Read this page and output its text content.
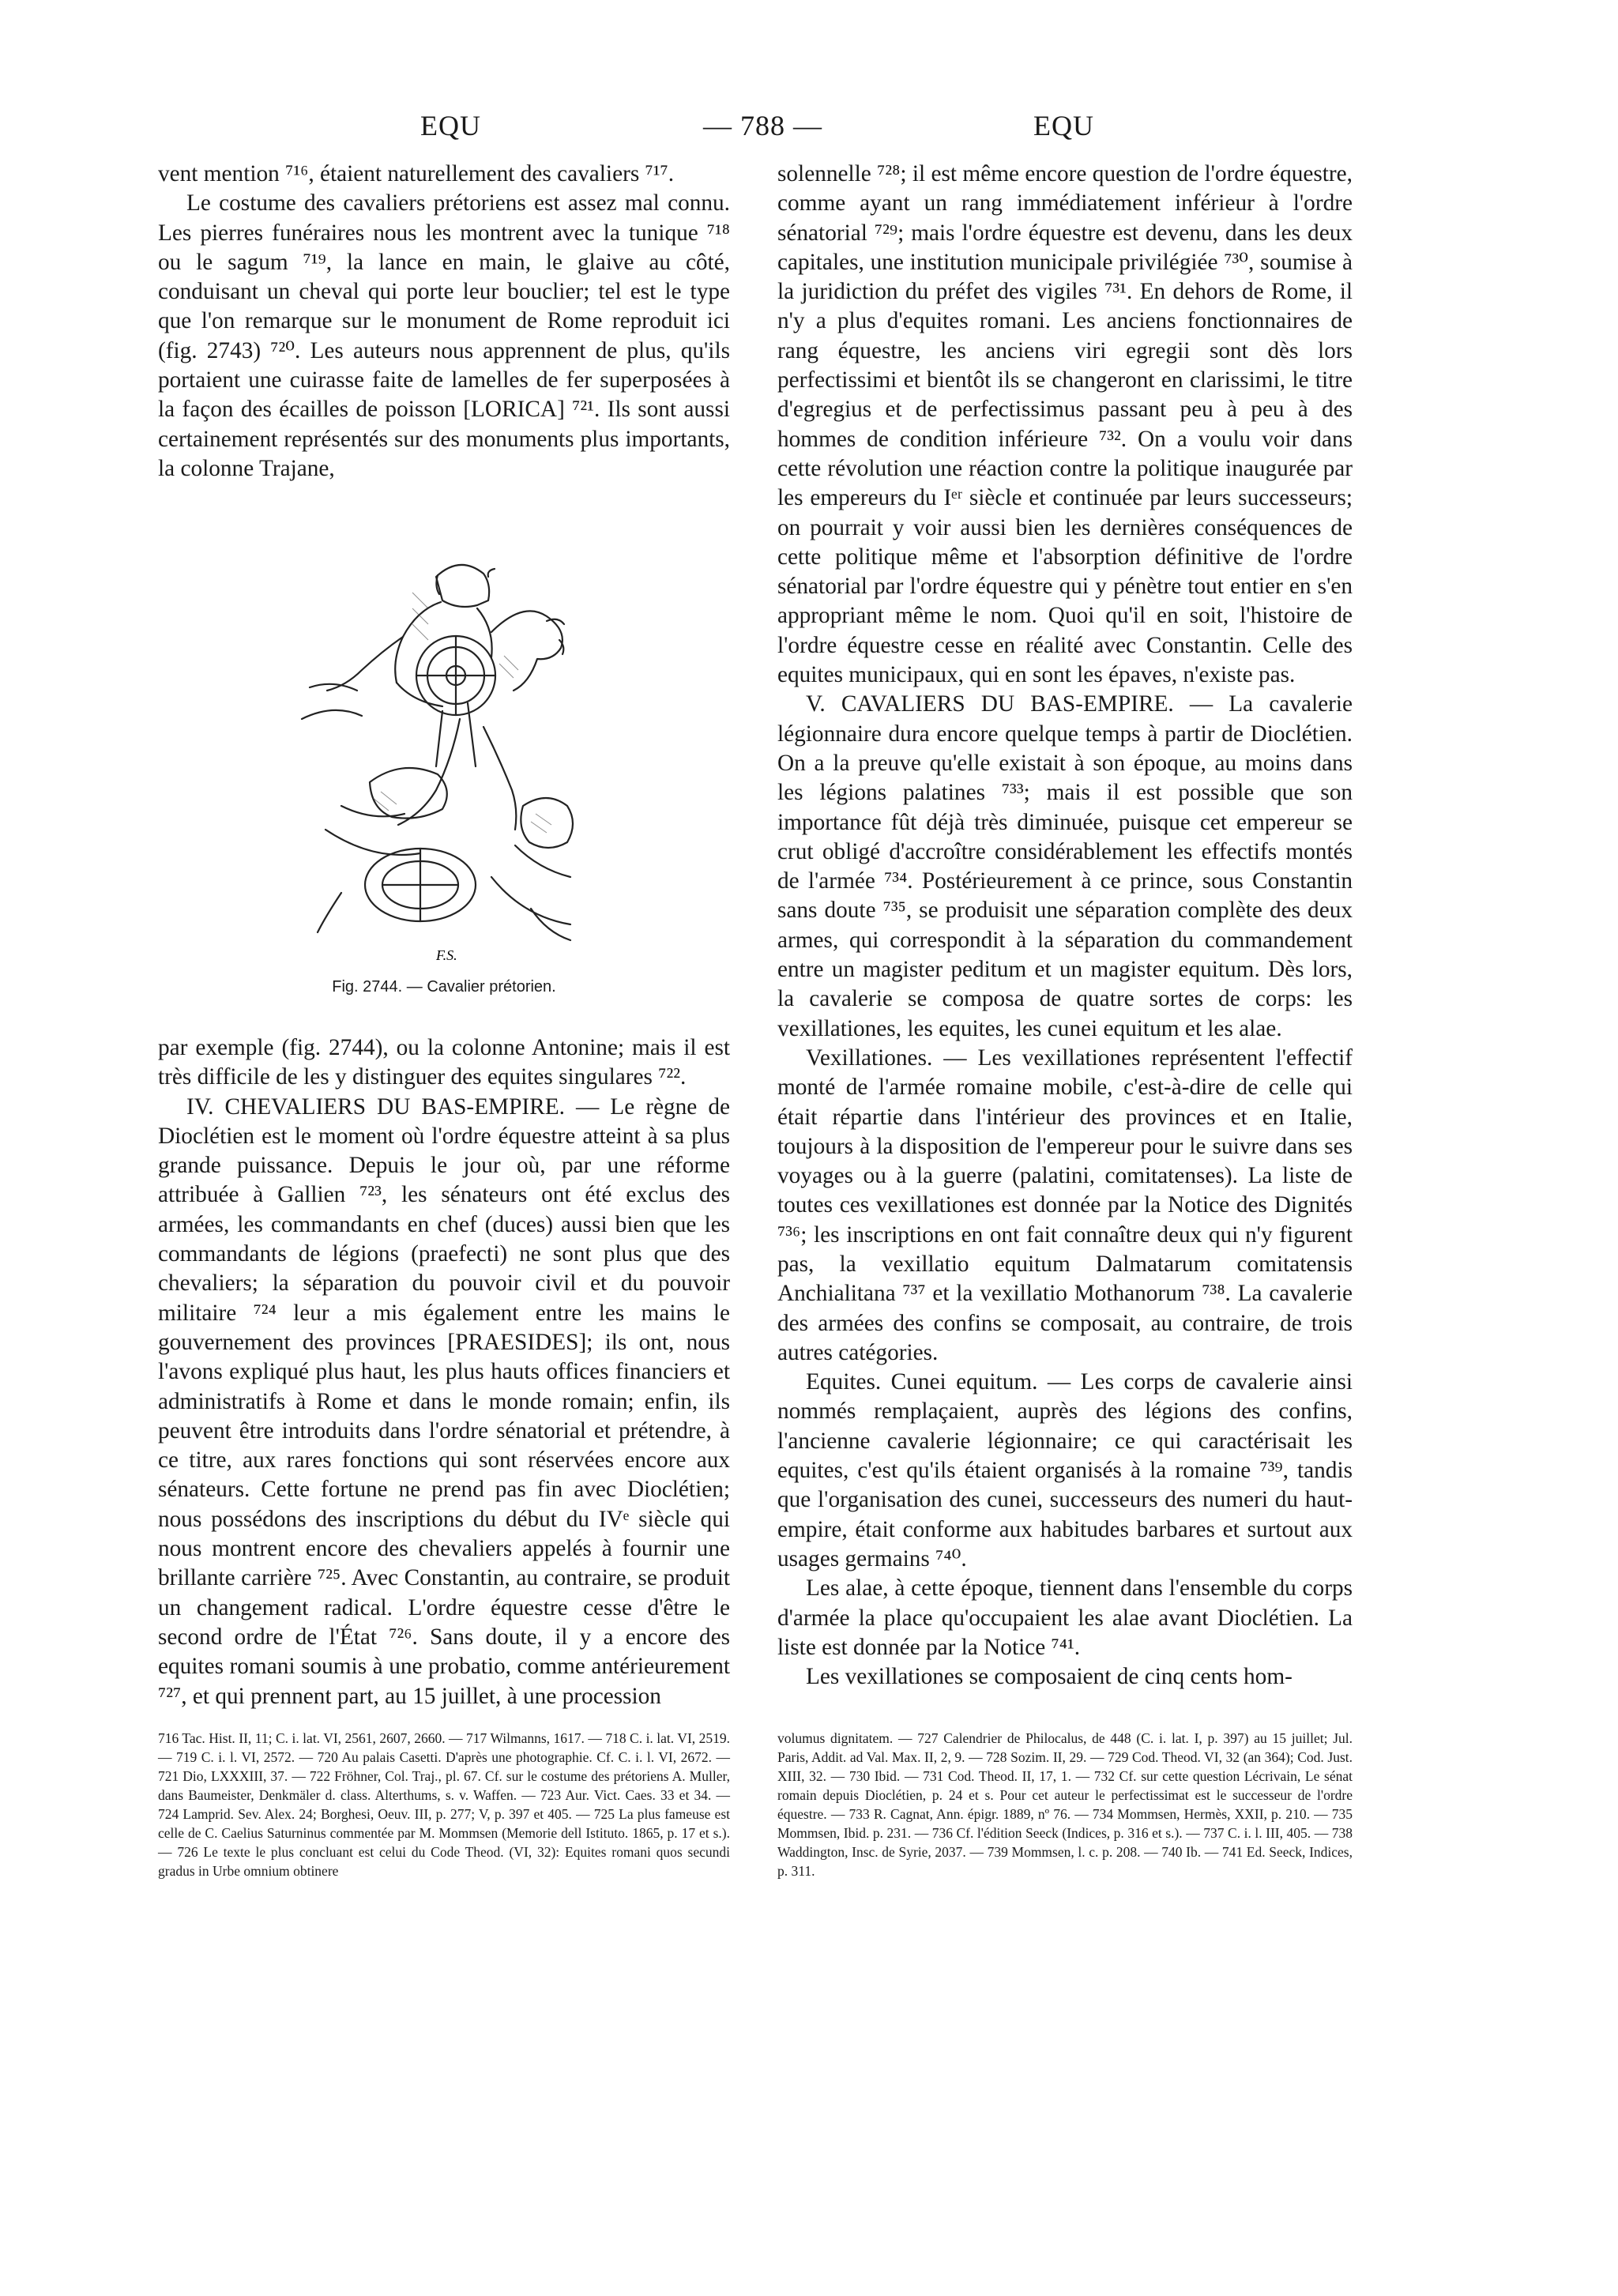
EQU	— 788 —	EQU

vent mention ⁷¹⁶, étaient naturellement des cavaliers ⁷¹⁷.

Le costume des cavaliers prétoriens est assez mal connu. Les pierres funéraires nous les montrent avec la tunique ⁷¹⁸ ou le sagum ⁷¹⁹, la lance en main, le glaive au côté, conduisant un cheval qui porte leur bouclier; tel est le type que l'on remarque sur le monument de Rome reproduit ici (fig. 2743) ⁷²⁰. Les auteurs nous apprennent de plus, qu'ils portaient une cuirasse faite de lamelles de fer superposées à la façon des écailles de poisson [LORICA] ⁷²¹. Ils sont aussi certainement représentés sur des monuments plus importants, la colonne Trajane,

F.S.
Fig. 2744. — Cavalier prétorien.

par exemple (fig. 2744), ou la colonne Antonine; mais il est très difficile de les y distinguer des equites singulares ⁷²².

IV. CHEVALIERS DU BAS-EMPIRE. — Le règne de Dioclétien est le moment où l'ordre équestre atteint à sa plus grande puissance. Depuis le jour où, par une réforme attribuée à Gallien ⁷²³, les sénateurs ont été exclus des armées, les commandants en chef (duces) aussi bien que les commandants de légions (praefecti) ne sont plus que des chevaliers; la séparation du pouvoir civil et du pouvoir militaire ⁷²⁴ leur a mis également entre les mains le gouvernement des provinces [PRAESIDES]; ils ont, nous l'avons expliqué plus haut, les plus hauts offices financiers et administratifs à Rome et dans le monde romain; enfin, ils peuvent être introduits dans l'ordre sénatorial et prétendre, à ce titre, aux rares fonctions qui sont réservées encore aux sénateurs. Cette fortune ne prend pas fin avec Dioclétien; nous possédons des inscriptions du début du IVᵉ siècle qui nous montrent encore des chevaliers appelés à fournir une brillante carrière ⁷²⁵. Avec Constantin, au contraire, se produit un changement radical. L'ordre équestre cesse d'être le second ordre de l'État ⁷²⁶. Sans doute, il y a encore des equites romani soumis à une probatio, comme antérieurement ⁷²⁷, et qui prennent part, au 15 juillet, à une procession

solennelle ⁷²⁸; il est même encore question de l'ordre équestre, comme ayant un rang immédiatement inférieur à l'ordre sénatorial ⁷²⁹; mais l'ordre équestre est devenu, dans les deux capitales, une institution municipale privilégiée ⁷³⁰, soumise à la juridiction du préfet des vigiles ⁷³¹. En dehors de Rome, il n'y a plus d'equites romani. Les anciens fonctionnaires de rang équestre, les anciens viri egregii sont dès lors perfectissimi et bientôt ils se changeront en clarissimi, le titre d'egregius et de perfectissimus passant peu à peu à des hommes de condition inférieure ⁷³². On a voulu voir dans cette révolution une réaction contre la politique inaugurée par les empereurs du Iᵉʳ siècle et continuée par leurs successeurs; on pourrait y voir aussi bien les dernières conséquences de cette politique même et l'absorption définitive de l'ordre sénatorial par l'ordre équestre qui y pénètre tout entier en s'en appropriant même le nom. Quoi qu'il en soit, l'histoire de l'ordre équestre cesse en réalité avec Constantin. Celle des equites municipaux, qui en sont les épaves, n'existe pas.

V. CAVALIERS DU BAS-EMPIRE. — La cavalerie légionnaire dura encore quelque temps à partir de Dioclétien. On a la preuve qu'elle existait à son époque, au moins dans les légions palatines ⁷³³; mais il est possible que son importance fût déjà très diminuée, puisque cet empereur se crut obligé d'accroître considérablement les effectifs montés de l'armée ⁷³⁴. Postérieurement à ce prince, sous Constantin sans doute ⁷³⁵, se produisit une séparation complète des deux armes, qui correspondit à la séparation du commandement entre un magister peditum et un magister equitum. Dès lors, la cavalerie se composa de quatre sortes de corps: les vexillationes, les equites, les cunei equitum et les alae.

Vexillationes. — Les vexillationes représentent l'effectif monté de l'armée romaine mobile, c'est-à-dire de celle qui était répartie dans l'intérieur des provinces et en Italie, toujours à la disposition de l'empereur pour le suivre dans ses voyages ou à la guerre (palatini, comitatenses). La liste de toutes ces vexillationes est donnée par la Notice des Dignités ⁷³⁶; les inscriptions en ont fait connaître deux qui n'y figurent pas, la vexillatio equitum Dalmatarum comitatensis Anchialitana ⁷³⁷ et la vexillatio Mothanorum ⁷³⁸. La cavalerie des armées des confins se composait, au contraire, de trois autres catégories.

Equites. Cunei equitum. — Les corps de cavalerie ainsi nommés remplaçaient, auprès des légions des confins, l'ancienne cavalerie légionnaire; ce qui caractérisait les equites, c'est qu'ils étaient organisés à la romaine ⁷³⁹, tandis que l'organisation des cunei, successeurs des numeri du haut-empire, était conforme aux habitudes barbares et surtout aux usages germains ⁷⁴⁰.

Les alae, à cette époque, tiennent dans l'ensemble du corps d'armée la place qu'occupaient les alae avant Dioclétien. La liste est donnée par la Notice ⁷⁴¹.

Les vexillationes se composaient de cinq cents hom-

716 Tac. Hist. II, 11; C. i. lat. VI, 2561, 2607, 2660. — 717 Wilmanns, 1617. — 718 C. i. lat. VI, 2519. — 719 C. i. l. VI, 2572. — 720 Au palais Casetti. D'après une photographie. Cf. C. i. l. VI, 2672. — 721 Dio, LXXXIII, 37. — 722 Fröhner, Col. Traj., pl. 67. Cf. sur le costume des prétoriens A. Muller, dans Baumeister, Denkmäler d. class. Alterthums, s. v. Waffen. — 723 Aur. Vict. Caes. 33 et 34. — 724 Lamprid. Sev. Alex. 24; Borghesi, Oeuv. III, p. 277; V, p. 397 et 405. — 725 La plus fameuse est celle de C. Caelius Saturninus commentée par M. Mommsen (Memorie dell Istituto. 1865, p. 17 et s.). — 726 Le texte le plus concluant est celui du Code Theod. (VI, 32): Equites romani quos secundi gradus in Urbe omnium obtinere

volumus dignitatem. — 727 Calendrier de Philocalus, de 448 (C. i. lat. I, p. 397) au 15 juillet; Jul. Paris, Addit. ad Val. Max. II, 2, 9. — 728 Sozim. II, 29. — 729 Cod. Theod. VI, 32 (an 364); Cod. Just. XIII, 32. — 730 Ibid. — 731 Cod. Theod. II, 17, 1. — 732 Cf. sur cette question Lécrivain, Le sénat romain depuis Dioclétien, p. 24 et s. Pour cet auteur le perfectissimat est le successeur de l'ordre équestre. — 733 R. Cagnat, Ann. épigr. 1889, nº 76. — 734 Mommsen, Hermès, XXII, p. 210. — 735 Mommsen, Ibid. p. 231. — 736 Cf. l'édition Seeck (Indices, p. 316 et s.). — 737 C. i. l. III, 405. — 738 Waddington, Insc. de Syrie, 2037. — 739 Mommsen, l. c. p. 208. — 740 Ib. — 741 Ed. Seeck, Indices, p. 311.
